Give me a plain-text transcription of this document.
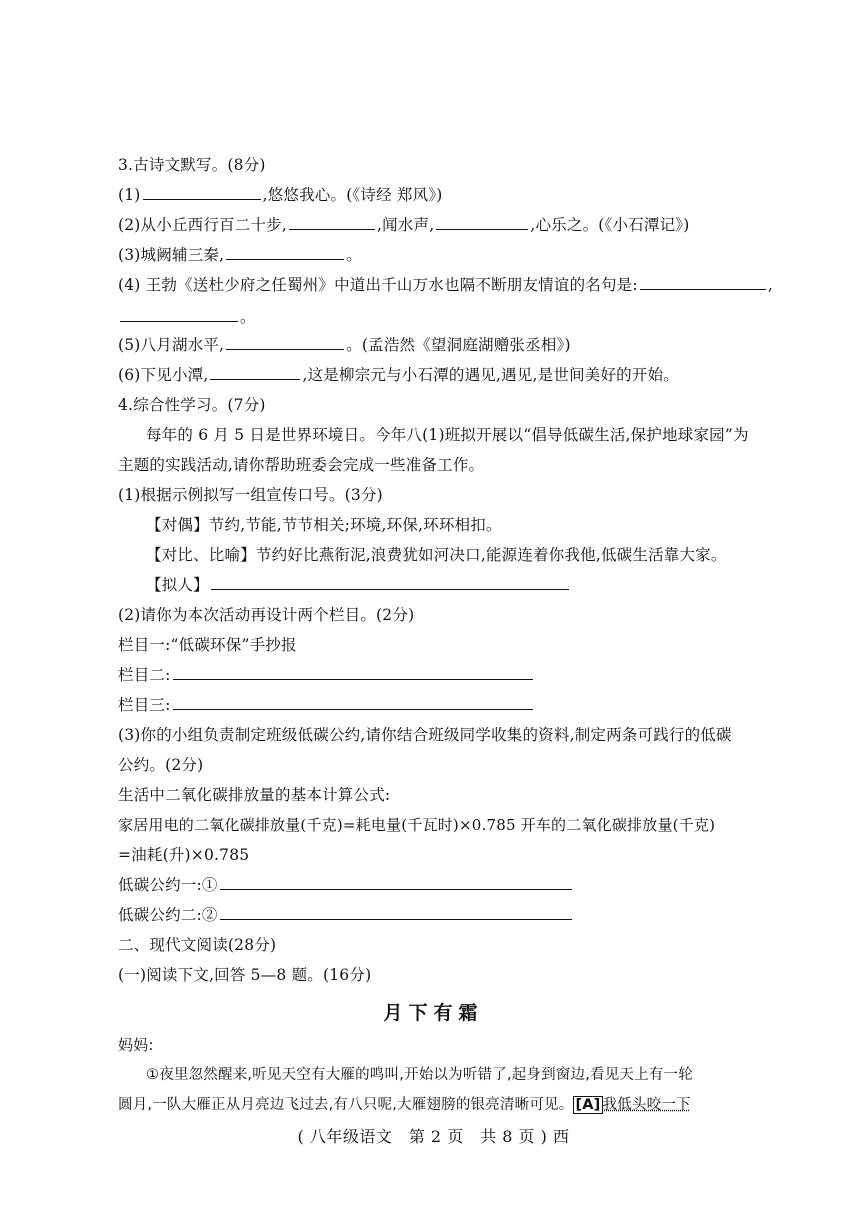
3.古诗文默写。(8分)
(1)	,悠悠我心。(《诗经 郑风》)
(2)从小丘西行百二十步,	,闻水声,	,心乐之。(《小石潭记》)
(3)城阙辅三秦,	。
(4) 王勃《送杜少府之任蜀州》中道出千山万水也隔不断朋友情谊的名句是:	,
。
(5)八月湖水平,	。(孟浩然《望洞庭湖赠张丞相》)
(6)下见小潭,	,这是柳宗元与小石潭的遇见,遇见,是世间美好的开始。
4.综合性学习。(7分)
每年的 6 月 5 日是世界环境日。今年八(1)班拟开展以“倡导低碳生活,保护地球家园”为
主题的实践活动,请你帮助班委会完成一些准备工作。
(1)根据示例拟写一组宣传口号。(3分)
【对偶】节约,节能,节节相关;环境,环保,环环相扣。
【对比、比喻】节约好比燕衔泥,浪费犹如河决口,能源连着你我他,低碳生活靠大家。
【拟人】
(2)请你为本次活动再设计两个栏目。(2分)
栏目一:“低碳环保”手抄报
栏目二:
栏目三:
(3)你的小组负责制定班级低碳公约,请你结合班级同学收集的资料,制定两条可践行的低碳
公约。(2分)
生活中二氧化碳排放量的基本计算公式:
家居用电的二氧化碳排放量(千克)=耗电量(千瓦时)×0.785 开车的二氧化碳排放量(千克)
=油耗(升)×0.785
低碳公约一:①
低碳公约二:②
二、现代文阅读(28分)
(一)阅读下文,回答 5—8 题。(16分)
月下有霜
妈妈:
①夜里忽然醒来,听见天空有大雁的鸣叫,开始以为听错了,起身到窗边,看见天上有一轮
圆月,一队大雁正从月亮边飞过去,有八只呢,大雁翅膀的银亮清晰可见。 [A] 我低头咬一下
( 八年级语文　第 2 页　共 8 页 ) 西
